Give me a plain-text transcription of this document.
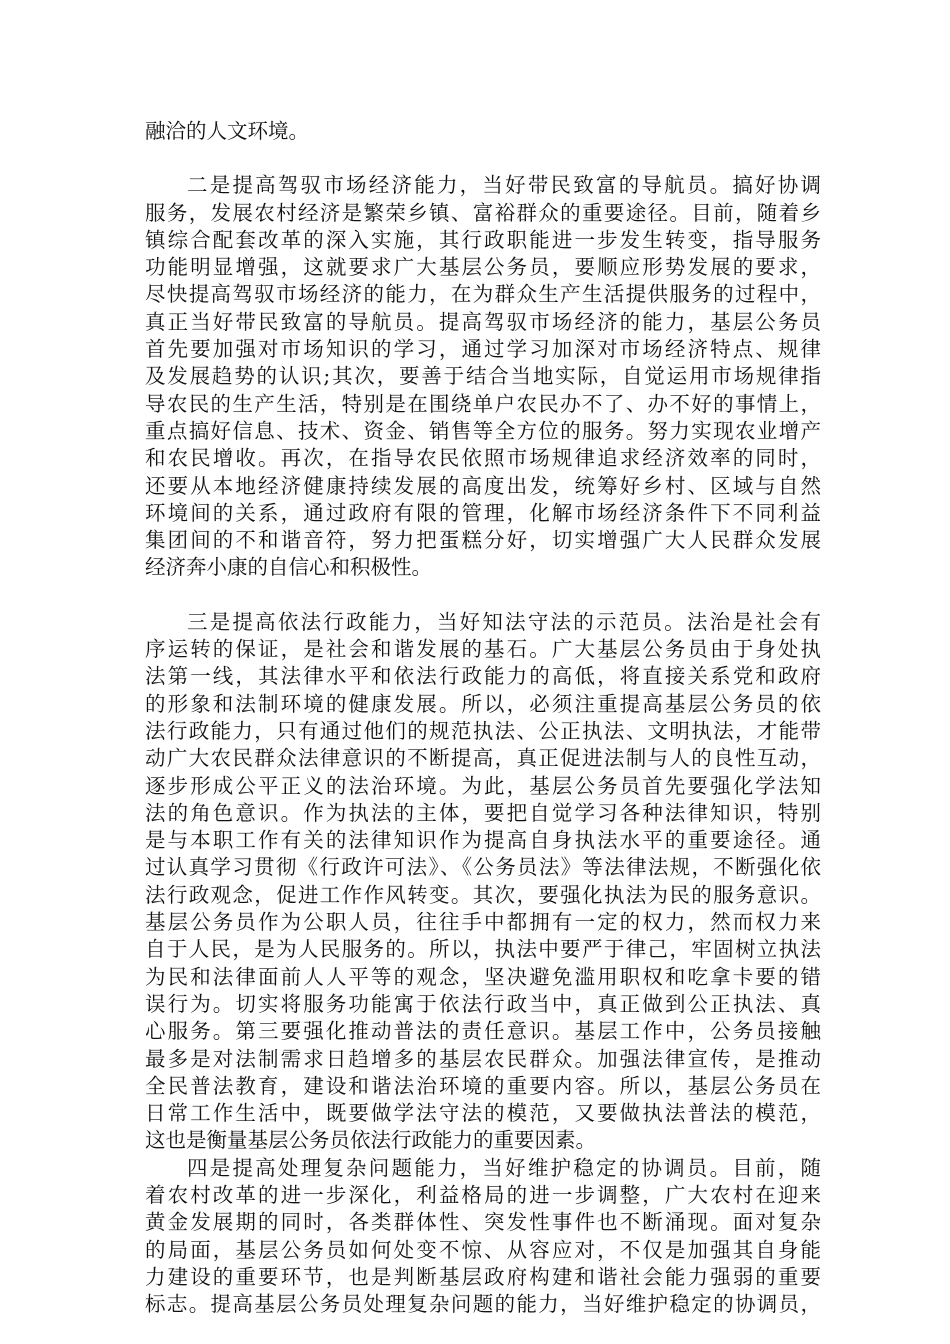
融洽的人文环境。
二是提高驾驭市场经济能力，当好带民致富的导航员。搞好协调
服务，发展农村经济是繁荣乡镇、富裕群众的重要途径。目前，随着乡
镇综合配套改革的深入实施，其行政职能进一步发生转变，指导服务
功能明显增强，这就要求广大基层公务员，要顺应形势发展的要求，
尽快提高驾驭市场经济的能力，在为群众生产生活提供服务的过程中，
真正当好带民致富的导航员。提高驾驭市场经济的能力，基层公务员
首先要加强对市场知识的学习，通过学习加深对市场经济特点、规律
及发展趋势的认识;其次，要善于结合当地实际，自觉运用市场规律指
导农民的生产生活，特别是在围绕单户农民办不了、办不好的事情上，
重点搞好信息、技术、资金、销售等全方位的服务。努力实现农业增产
和农民增收。再次，在指导农民依照市场规律追求经济效率的同时，
还要从本地经济健康持续发展的高度出发，统筹好乡村、区域与自然
环境间的关系，通过政府有限的管理，化解市场经济条件下不同利益
集团间的不和谐音符，努力把蛋糕分好，切实增强广大人民群众发展
经济奔小康的自信心和积极性。
三是提高依法行政能力，当好知法守法的示范员。法治是社会有
序运转的保证，是社会和谐发展的基石。广大基层公务员由于身处执
法第一线，其法律水平和依法行政能力的高低，将直接关系党和政府
的形象和法制环境的健康发展。所以，必须注重提高基层公务员的依
法行政能力，只有通过他们的规范执法、公正执法、文明执法，才能带
动广大农民群众法律意识的不断提高，真正促进法制与人的良性互动，
逐步形成公平正义的法治环境。为此，基层公务员首先要强化学法知
法的角色意识。作为执法的主体，要把自觉学习各种法律知识，特别
是与本职工作有关的法律知识作为提高自身执法水平的重要途径。通
过认真学习贯彻《行政许可法》、《公务员法》等法律法规，不断强化依
法行政观念，促进工作作风转变。其次，要强化执法为民的服务意识。
基层公务员作为公职人员，往往手中都拥有一定的权力，然而权力来
自于人民，是为人民服务的。所以，执法中要严于律己，牢固树立执法
为民和法律面前人人平等的观念，坚决避免滥用职权和吃拿卡要的错
误行为。切实将服务功能寓于依法行政当中，真正做到公正执法、真
心服务。第三要强化推动普法的责任意识。基层工作中，公务员接触
最多是对法制需求日趋增多的基层农民群众。加强法律宣传，是推动
全民普法教育，建设和谐法治环境的重要内容。所以，基层公务员在
日常工作生活中，既要做学法守法的模范，又要做执法普法的模范，
这也是衡量基层公务员依法行政能力的重要因素。
四是提高处理复杂问题能力，当好维护稳定的协调员。目前，随
着农村改革的进一步深化，利益格局的进一步调整，广大农村在迎来
黄金发展期的同时，各类群体性、突发性事件也不断涌现。面对复杂
的局面，基层公务员如何处变不惊、从容应对，不仅是加强其自身能
力建设的重要环节，也是判断基层政府构建和谐社会能力强弱的重要
标志。提高基层公务员处理复杂问题的能力，当好维护稳定的协调员，
